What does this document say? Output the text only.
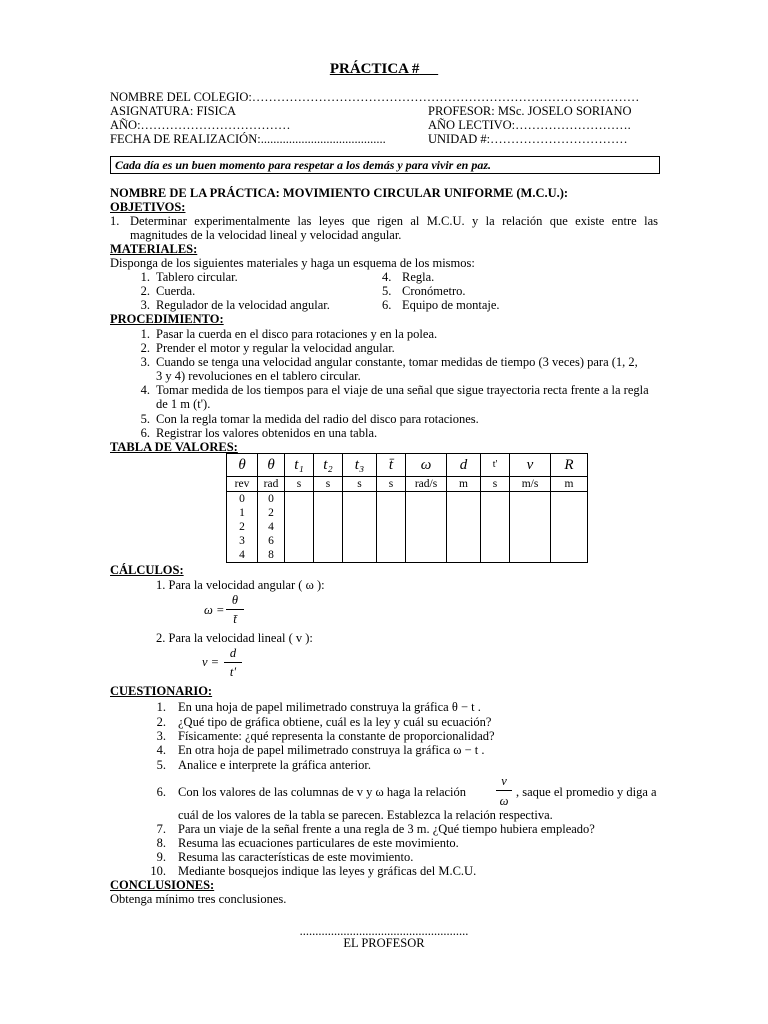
PRÁCTICA #
NOMBRE DEL COLEGIO:…………………………………………………………………………………
ASIGNATURA: FISICA	PROFESOR: MSc. JOSELO SORIANO
AÑO:………………………………	AÑO LECTIVO:……………………….
FECHA DE REALIZACIÓN:........................................	UNIDAD #:……………………………
Cada día es un buen momento para respetar a los demás y para vivir en paz.
NOMBRE DE LA PRÁCTICA: MOVIMIENTO CIRCULAR UNIFORME (M.C.U.):
OBJETIVOS:
1. Determinar experimentalmente las leyes que rigen al M.C.U. y la relación que existe entre las
magnitudes de la velocidad lineal y velocidad angular.
MATERIALES:
Disponga de los siguientes materiales y haga un esquema de los mismos:
1. Tablero circular.
2. Cuerda.
3. Regulador de la velocidad angular.
4. Regla.
5. Cronómetro.
6. Equipo de montaje.
PROCEDIMIENTO:
1. Pasar la cuerda en el disco para rotaciones y en la polea.
2. Prender el motor y regular la velocidad angular.
3. Cuando se tenga una velocidad angular constante, tomar medidas de tiempo (3 veces) para (1, 2,
3 y 4) revoluciones en el tablero circular.
4. Tomar medida de los tiempos para el viaje de una señal que sigue trayectoria recta frente a la regla
de 1 m (t').
5. Con la regla tomar la medida del radio del disco para rotaciones.
6. Registrar los valores obtenidos en una tabla.
TABLA DE VALORES:
θ	θ	t₁	t₂	t₃	t̄	ω	d	t'	v	R
rev	rad	s	s	s	s	rad/s	m	s	m/s	m
0	0									
1	2									
2	4									
3	6									
4	8									
CÁLCULOS:
1. Para la velocidad angular ( ω ):
ω =
θ
t̄
2. Para la velocidad lineal ( v ):
v =
d
t'
CUESTIONARIO:
1. En una hoja de papel milimetrado construya la gráfica θ − t .
2. ¿Qué tipo de gráfica obtiene, cuál es la ley y cuál su ecuación?
3. Físicamente: ¿qué representa la constante de proporcionalidad?
4. En otra hoja de papel milimetrado construya la gráfica ω − t .
5. Analice e interprete la gráfica anterior.
6. Con los valores de las columnas de v y ω haga la relación
v
ω
, saque el promedio y diga a
cuál de los valores de la tabla se parecen. Establezca la relación respectiva.
7. Para un viaje de la señal frente a una regla de 3 m. ¿Qué tiempo hubiera empleado?
8. Resuma las ecuaciones particulares de este movimiento.
9. Resuma las características de este movimiento.
10. Mediante bosquejos indique las leyes y gráficas del M.C.U.
CONCLUSIONES:
Obtenga mínimo tres conclusiones.
......................................................
EL PROFESOR
